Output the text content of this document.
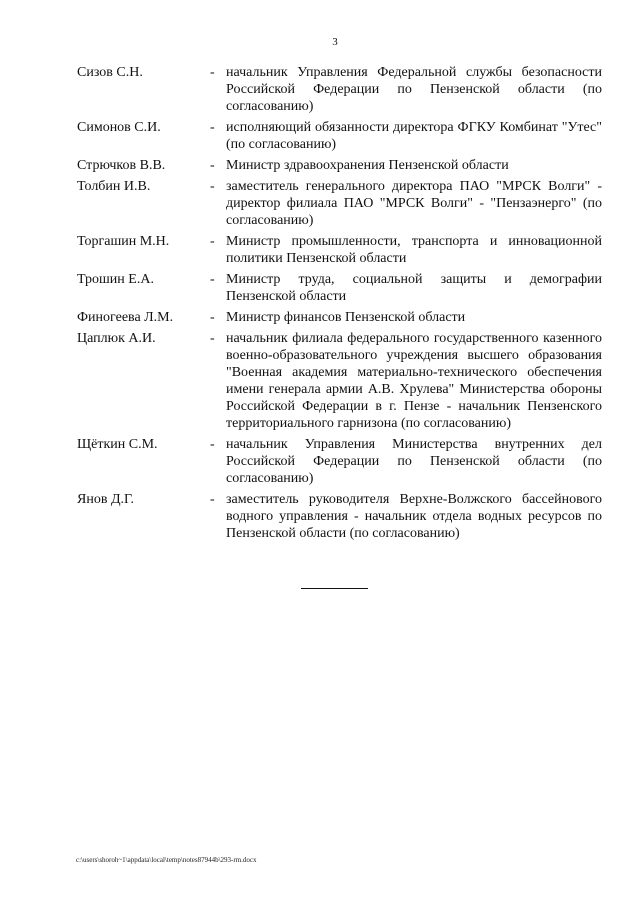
3
Сизов С.Н.	- начальник Управления Федеральной службы безопасности Российской Федерации по Пензенской области (по согласованию)
Симонов С.И.	- исполняющий обязанности директора ФГКУ Комбинат "Утес" (по согласованию)
Стрючков В.В.	- Министр здравоохранения Пензенской области
Толбин И.В.	- заместитель генерального директора ПАО "МРСК Волги" - директор филиала ПАО "МРСК Волги" - "Пензаэнерго" (по согласованию)
Торгашин М.Н.	- Министр промышленности, транспорта и инновационной политики Пензенской области
Трошин Е.А.	- Министр труда, социальной защиты и демографии Пензенской области
Финогеева Л.М.	- Министр финансов Пензенской области
Цаплюк А.И.	- начальник филиала федерального государственного казенного военно-образовательного учреждения высшего образования "Военная академия материально-технического обеспечения имени генерала армии А.В. Хрулева" Министерства обороны Российской Федерации в г. Пензе - начальник Пензенского территориального гарнизона (по согласованию)
Щёткин С.М.	- начальник Управления Министерства внутренних дел Российской Федерации по Пензенской области (по согласованию)
Янов Д.Г.	- заместитель руководителя Верхне-Волжского бассейнового водного управления - начальник отдела водных ресурсов по Пензенской области (по согласованию)
c:\users\shoroh~1\appdata\local\temp\notes87944b\293-rm.docx
